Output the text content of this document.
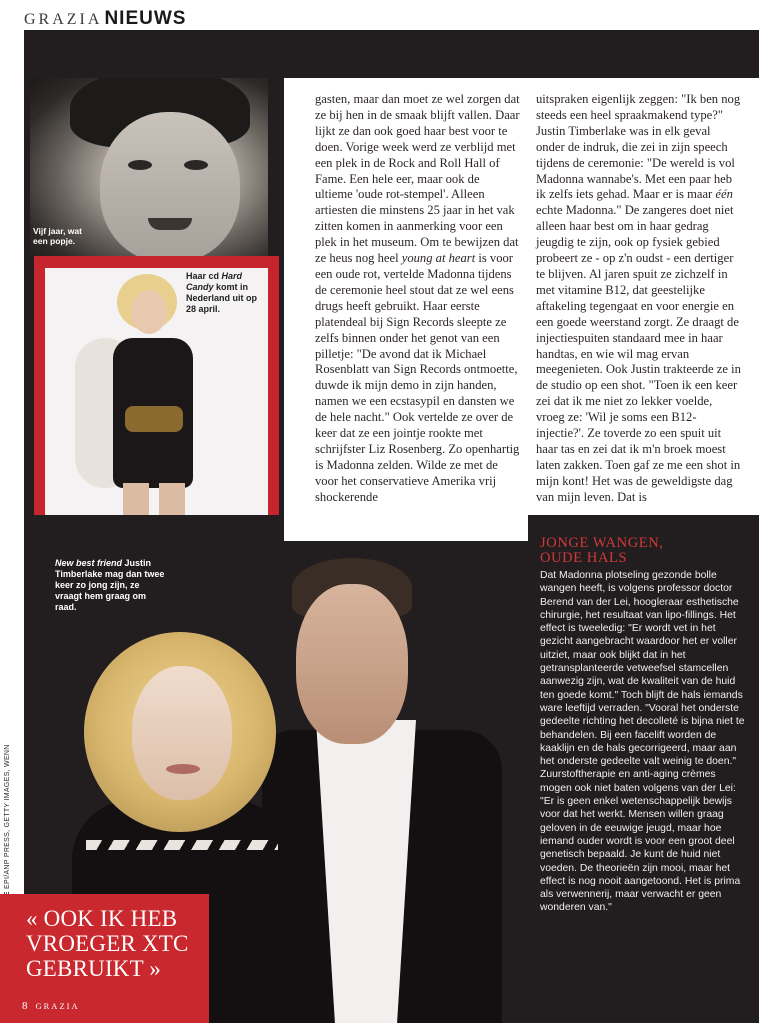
GRAZIA NIEUWS
Vijf jaar, wat een popje.
Haar cd Hard Candy komt in Nederland uit op 28 april.
gasten, maar dan moet ze wel zorgen dat ze bij hen in de smaak blijft vallen. Daar lijkt ze dan ook goed haar best voor te doen. Vorige week werd ze verblijd met een plek in de Rock and Roll Hall of Fame. Een hele eer, maar ook de ultieme 'oude rot-stempel'. Alleen artiesten die minstens 25 jaar in het vak zitten komen in aanmerking voor een plek in het museum. Om te bewijzen dat ze heus nog heel young at heart is voor een oude rot, vertelde Madonna tijdens de ceremonie heel stout dat ze wel eens drugs heeft gebruikt. Haar eerste platendeal bij Sign Records sleepte ze zelfs binnen onder het genot van een pilletje: "De avond dat ik Michael Rosenblatt van Sign Records ontmoette, duwde ik mijn demo in zijn handen, namen we een ecstasypil en dansten we de hele nacht." Ook vertelde ze over de keer dat ze een jointje rookte met schrijfster Liz Rosenberg. Zo openhartig is Madonna zelden. Wilde ze met de voor het conservatieve Amerika vrij shockerende
uitspraken eigenlijk zeggen: "Ik ben nog steeds een heel spraakmakend type?" Justin Timberlake was in elk geval onder de indruk, die zei in zijn speech tijdens de ceremonie: "De wereld is vol Madonna wannabe's. Met een paar heb ik zelfs iets gehad. Maar er is maar één echte Madonna." De zangeres doet niet alleen haar best om in haar gedrag jeugdig te zijn, ook op fysiek gebied probeert ze - op z'n oudst - een dertiger te blijven. Al jaren spuit ze zichzelf in met vitamine B12, dat geestelijke aftakeling tegengaat en voor energie en een goede weerstand zorgt. Ze draagt de injectiespuiten standaard mee in haar handtas, en wie wil mag ervan meegenieten. Ook Justin trakteerde ze in de studio op een shot. "Toen ik een keer zei dat ik me niet zo lekker voelde, vroeg ze: 'Wil je soms een B12-injectie?'. Ze toverde zo een spuit uit haar tas en zei dat ik m'n broek moest laten zakken. Toen gaf ze me een shot in mijn kont! Het was de geweldigste dag van mijn leven. Dat is
New best friend Justin Timberlake mag dan twee keer zo jong zijn, ze vraagt hem graag om raad.
EPI/ANP PRESS, GETTY IMAGES, WENN
JONGE WANGEN,
OUDE HALS
Dat Madonna plotseling gezonde bolle wangen heeft, is volgens professor doctor Berend van der Lei, hoogleraar esthetische chirurgie, het resultaat van lipo-fillings. Het effect is tweeledig: "Er wordt vet in het gezicht aangebracht waardoor het er voller uitziet, maar ook blijkt dat in het getransplanteerde vetweefsel stamcellen aanwezig zijn, wat de kwaliteit van de huid ten goede komt." Toch blijft de hals iemands ware leeftijd verraden. "Vooral het onderste gedeelte richting het decolleté is bijna niet te behandelen. Bij een facelift worden de kaaklijn en de hals gecorrigeerd, maar aan het onderste gedeelte valt weinig te doen." Zuurstoftherapie en anti-aging crèmes mogen ook niet baten volgens van der Lei: "Er is geen enkel wetenschappelijk bewijs voor dat het werkt. Mensen willen graag geloven in de eeuwige jeugd, maar hoe iemand ouder wordt is voor een groot deel genetisch bepaald. Je kunt de huid niet voeden. De theorieën zijn mooi, maar het effect is nog nooit aangetoond. Het is prima als verwennerij, maar verwacht er geen wonderen van."
« OOK IK HEB VROEGER XTC GEBRUIKT »
8 GRAZIA
